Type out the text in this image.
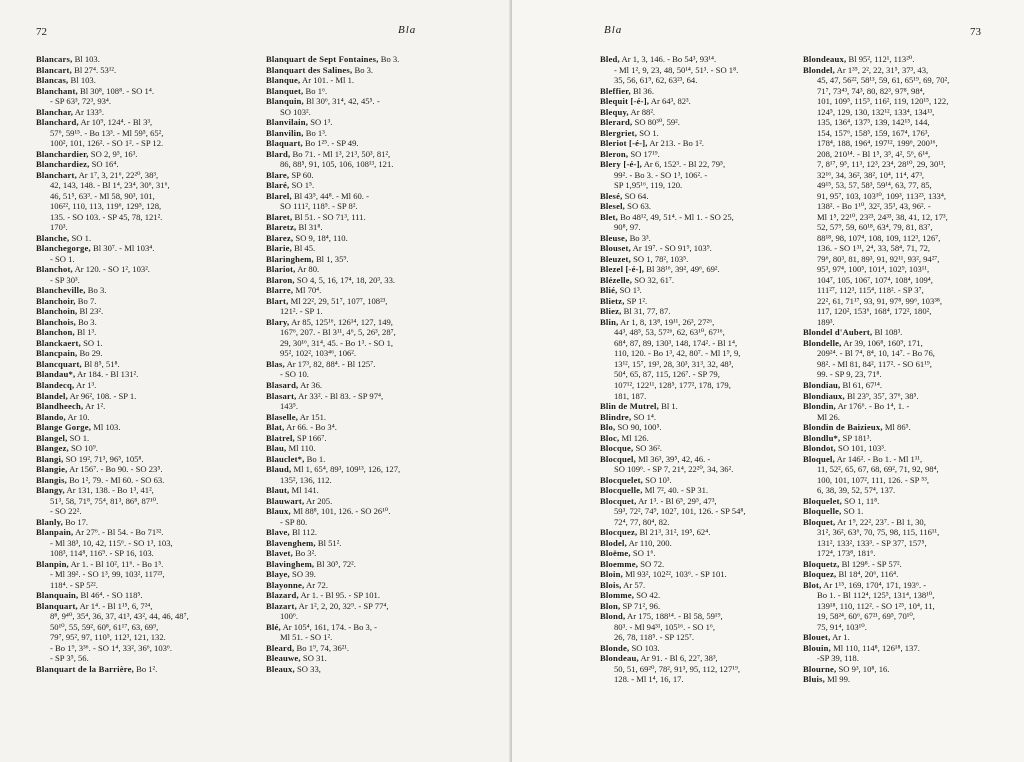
72	Bla
Blancars, Bl 103.
Blancart, Bl 27⁴. 53¹².
Blancas, Bl 103.
Blanchant, Bl 30⁸, 108⁸. - SO 1⁴.
- SP 63³, 72³, 93⁴.
Blanchar, Ar 133⁵.
Blanchard, Ar 10⁹, 124⁴. - Bl 3³,
57⁶, 59¹⁵. - Bo 13³. - Ml 59⁵, 65²,
100², 101, 126². - SO 1². - SP 12.
Blanchardier, SO 2, 9⁵, 16³.
Blanchardiez, SO 16⁴.
Blanchart, Ar 1⁷, 3, 21⁶, 22²⁰, 38³,
42, 143, 148. - Bl 1⁴, 23⁴, 30⁶, 31⁶,
46, 51⁵, 63³. - Ml 58, 90³, 101,
106²², 110, 113, 119⁶, 129⁵, 128,
135. - SO 103. - SP 45, 78, 121².
170³.
Blanche, SO 1.
Blanchegorge, Bl 30⁷. - Ml 103⁴.
- SO 1.
Blanchot, Ar 120. - SO 1², 103².
- SP 30³.
Blancheville, Bo 3.
Blanchoir, Bo 7.
Blanchoin, Bl 23².
Blanchois, Bo 3.
Blanchon, Bl 1³.
Blanckaert, SO 1.
Blancpain, Bo 29.
Blancquart, Bl 8⁵, 51⁸.
Blandau*, Ar 184. - Bl 131².
Blandecq, Ar 1³.
Blandel, Ar 96², 108. - SP 1.
Blandheech, Ar 1².
Blando, Ar 10.
Blange Gorge, Ml 103.
Blangel, SO 1.
Blangez, SO 10⁹.
Blangi, SO 19², 71³, 96⁵, 105⁸.
Blangie, Ar 156⁷. - Bo 90. - SO 23⁵.
Blangis, Bo 1², 79. - Ml 60. - SO 63.
Blangy, Ar 131, 138. - Bo 1³, 41²,
51³, 58, 71⁸, 75⁴, 81³, 86⁸, 87¹⁰.
- SO 22².
Blanly, Bo 17.
Blanpain, Ar 27⁶. - Bl 54. - Bo 71³².
- Ml 38³, 10, 42, 115⁶. - SO 1³, 103,
108³, 114⁸, 116⁹. - SP 16, 103.
Blanpin, Ar 1. - Bl 10², 11⁶. - Bo 1⁵.
- Ml 39². - SO 1³, 99, 103², 117²³,
118⁴. - SP 5²².
Blanquain, Bl 46⁴. - SO 118⁵.
Blanquart, Ar 1⁴. - Bl 1¹⁵, 6, 7²⁴,
8⁸, 9⁴⁰, 35⁴, 36, 37, 41³, 43², 44, 46, 48⁷,
50¹⁰, 55, 59², 60⁸, 61¹⁷, 63, 69⁹,
79⁷, 95², 97, 110⁵, 112³, 121, 132.
- Bo 1⁹, 3³⁶. - SO 1⁴, 33², 36⁶, 103⁶.
- SP 3⁵, 56.
Blanquart de la Barrière, Bo 1².
Blanquart de Sept Fontaines, Bo 3.
Blanquart des Salines, Bo 3.
Blanque, Ar 101. - Ml 1.
Blanquet, Bo 1⁶.
Blanquin, Bl 30⁶, 31⁴, 42, 45⁵. -
SO 103².
Blanvilain, SO 1³.
Blanvilin, Bo 1³.
Blaquart, Bo 1²⁵. - SP 49.
Blard, Bo 71. - Ml 1³, 21³, 50³, 81²,
86, 88⁵, 91, 105, 106, 108¹³, 121.
Blare, SP 60.
Blaré, SO 1⁵.
Blarel, Bl 43⁵, 44⁸. - Ml 60. -
SO 111², 118⁵. - SP 8².
Blaret, Bl 51. - SO 71³, 111.
Blaretz, Bl 31⁸.
Blarez, SO 9, 18⁴, 110.
Blarie, Bl 45.
Blaringhem, Bl 1, 35⁹.
Blariot, Ar 80.
Blaron, SO 4, 5, 16, 17⁴, 18, 20³, 33.
Blarre, Ml 70⁴.
Blart, Ml 22², 29, 51⁷, 107⁷, 108²³,
121². - SP 1.
Blary, Ar 85, 125¹⁶, 126¹⁴, 127, 149,
167⁶, 207. - Bl 3¹¹, 4⁶, 5, 26³, 28⁷,
29, 30¹⁶, 31⁴, 45. - Bo 1³. - SO 1,
95², 102², 103⁴⁶, 106².
Blas, Ar 17³, 82, 88⁴. - Bl 125⁷.
- SO 10.
Blasard, Ar 36.
Blasart, Ar 33². - Bl 83. - SP 97⁴,
143⁵.
Blaselle, Ar 151.
Blat, Ar 66. - Bo 3⁴.
Blatrel, SP 166⁷.
Blau, Ml 110.
Blauclet*, Bo 1.
Blaud, Ml 1, 65⁴, 89³, 109¹³, 126, 127,
135², 136, 112.
Blaut, Ml 141.
Blauwart, Ar 205.
Blaux, Ml 88⁸, 101, 126. - SO 26¹⁰.
- SP 80.
Blave, Bl 112.
Blavenghem, Bl 51².
Blavet, Bo 3².
Blavinghem, Bl 30⁵, 72².
Blaye, SO 39.
Blayonne, Ar 72.
Blazard, Ar 1. - Bl 95. - SP 101.
Blazart, Ar 1², 2, 20, 32⁹. - SP 77⁴,
100⁶.
Blé, Ar 105⁴, 161, 174. - Bo 3, -
Ml 51. - SO 1².
Bleard, Bo 1⁹, 74, 36²¹.
Bleauwe, SO 31.
Bleaux, SO 33,
Bla	73
Bled, Ar 1, 3, 146. - Bo 54³, 93¹⁴.
- Ml 1², 9, 23, 48, 50¹⁴, 51³. - SO 1⁸.
35, 56, 61⁹, 62, 63²³, 64.
Bleffier, Bl 36.
Blequit [-é-], Ar 64³, 82³.
Blequy, Ar 88².
Blerard, SO 80³⁰, 59².
Blergriet, SO 1.
Bleriot [-é-], Ar 213. - Bo 1².
Bleron, SO 17¹⁹.
Blery [-é-], Ar 6, 152³. - Bl 22, 79⁵,
99². - Bo 3. - SO 1³, 106². -
SP 1,95¹⁶, 119, 120.
Blesé, SO 64.
Blesel, SO 63.
Blet, Bo 48¹², 49, 51⁴. - Ml 1. - SO 25,
90⁸, 97.
Bleuse, Bo 3³.
Blouset, Ar 19⁷. - SO 91⁹, 103⁹.
Bleuzet, SO 1, 78², 103⁵.
Blezel [-é-], Bl 38¹⁶, 39², 49⁶, 69².
Blézelle, SO 32, 61⁷.
Blié, SO 1³.
Blietz, SP 1².
Bliez, Bl 31, 77, 87.
Blin, Ar 1, 8, 13⁸, 19¹¹, 26³, 27²⁶,
44³, 48⁵, 53, 57²⁶, 62, 63¹⁰, 67¹⁶,
68⁴, 87, 89, 130³, 148, 174². - Bl 1⁴,
110, 120. - Bo 1³, 42, 80⁷. - Ml 1⁹, 9,
13¹², 15⁷, 19³, 28, 30³, 31³, 32, 48³,
50⁴, 65, 87, 115, 126⁷. - SP 79,
107¹², 122¹¹, 128⁵, 177², 178, 179,
181, 187.
Blin de Mutrel, Bl 1.
Blindre, SO 1⁴.
Blo, SO 90, 100⁵.
Bloc, Ml 126.
Blocque, SO 36².
Blocquel, Ml 36³, 39⁵, 42, 46. -
SO 109⁶. - SP 7, 21⁴, 22²⁰, 34, 36².
Blocquelet, SO 10³.
Blocquelle, Ml 7², 40. - SP 31.
Blocquet, Ar 1³. - Bl 6⁵, 29⁵, 47³,
59³, 72², 74⁹, 102⁷, 101, 126. - SP 54⁸,
72⁴, 77, 80⁴, 82.
Blocquez, Bl 21³, 31², 19⁵, 62⁴.
Blodel, Ar 110, 200.
Bloëme, SO 1⁶.
Bloemme, SO 72.
Bloin, Ml 93², 102²², 103⁶. - SP 101.
Blois, Ar 57.
Blomme, SO 42.
Blon, SP 71², 96.
Blond, Ar 175, 188¹⁴. - Bl 58, 59¹⁹,
80³. - Ml 94³¹, 105¹⁶. - SO 1⁶,
26, 78, 118⁵. - SP 125⁷.
Blonde, SO 103.
Blondeau, Ar 91. - Bl 6, 22⁷, 38³,
50, 51, 69²⁰, 78², 91³, 95, 112, 127¹⁹,
128. - Ml 1⁴, 16, 17.
Blondeaux, Bl 95², 112¹, 113²⁰.
Blondel, Ar 1³⁵, 2², 22, 31⁵, 37³, 43,
45, 47, 56²², 58¹³, 59, 61, 65¹⁹, 69, 70²,
71⁷, 73⁴³, 74³, 80, 82³, 97⁸, 98⁴,
101, 109⁵, 115⁵, 116², 119, 120¹⁵, 122,
124⁵, 129, 130, 132¹², 133⁴, 134¹³,
135, 136⁴, 137⁵, 139, 142¹⁵, 144,
154, 157⁶, 158⁵, 159, 167⁴, 176³,
178⁴, 188, 196⁴, 197¹², 199⁶, 200¹⁶,
208, 210¹⁴. - Bl 1⁵, 3⁵, 4², 5⁶, 6¹⁴,
7, 8¹⁷, 9⁵, 11³, 12³, 23⁴, 28¹⁰, 29, 30¹³,
32¹⁶, 34, 36², 38², 10⁴, 11⁴, 47³,
49¹⁵, 53, 57, 58³, 59¹⁴, 63, 77, 85,
91, 95⁷, 103, 103¹⁰, 109³, 113²³, 133⁴,
138². - Bo 1¹⁰, 32², 35³, 43, 96². -
Ml 1⁵, 22¹⁰, 23²³, 24³³, 38, 41, 12, 17³,
52, 57⁹, 59, 60¹⁸, 63⁴, 79, 81, 83⁷,
88¹⁸, 98, 107⁴, 108, 109, 112³, 126⁷,
136. - SO 1³¹, 2⁴, 33, 58⁴, 71, 72,
79⁶, 80³, 81, 89³, 91, 92¹¹, 93², 94²⁷,
95³, 97⁴, 100⁵, 101⁴, 102⁹, 103¹¹,
104⁷, 105, 106⁷, 107⁴, 108⁴, 109⁴,
111²⁷, 112³, 115⁴, 118². - SP 3⁷,
22², 61, 71¹⁷, 93, 91, 97⁸, 99⁶, 103³⁸,
117, 120², 153⁶, 168⁴, 172², 180²,
189³.
Blondel d'Aubert, Bl 108³.
Blondelle, Ar 39, 106⁸, 160⁹, 171,
209²⁴. - Bl 7⁴, 8⁴, 10, 14⁷. - Bo 76,
98². - Ml 81, 84², 117². - SO 61¹⁹,
99. - SP 9, 23, 71⁸.
Blondiau, Bl 61, 67¹⁴.
Blondiaux, Bl 23⁹, 35⁷, 37⁶, 38⁵.
Blondin, Ar 176⁶. - Bo 1⁴, 1. -
Ml 26.
Blondin de Baizieux, Ml 86⁵.
Blondlu*, SP 181³.
Blondot, SO 101, 103³.
Bloquel, Ar 146². - Bo 1. - Ml 1¹¹,
11, 52², 65, 67, 68, 69², 71, 92, 98⁴,
100, 101, 107², 111, 126. - SP ⁵³,
6, 38, 39, 52, 57⁴, 137.
Bloquelet, SO 1, 11⁸.
Bloquelle, SO 1.
Bloquet, Ar 1⁹, 22², 23⁷. - Bl 1, 30,
31², 36², 63⁶, 70, 75, 98, 115, 116¹¹,
131², 133², 133³. - SP 37⁷, 157⁵,
172⁴, 173⁸, 181⁶.
Bloquetz, Bl 129⁸. - SP 57².
Bloquez, Bl 18⁴, 20⁶, 116⁴.
Blot, Ar 1¹⁵, 169, 170⁴, 171, 193⁶. -
Bo 1. - Bl 112⁴, 125⁵, 131⁴, 138¹⁰,
139¹⁸, 110, 112². - SO 1²⁵, 10⁴, 11,
19, 58²⁴, 60⁶, 67²¹, 69⁵, 70¹⁰,
75, 91⁴, 103¹⁰.
Blouet, Ar 1.
Blouin, Ml 110, 114⁸, 126¹⁸, 137.
-SP 39, 118.
Blourne, SO 9³, 10⁸, 16.
Bluis, Ml 99.
